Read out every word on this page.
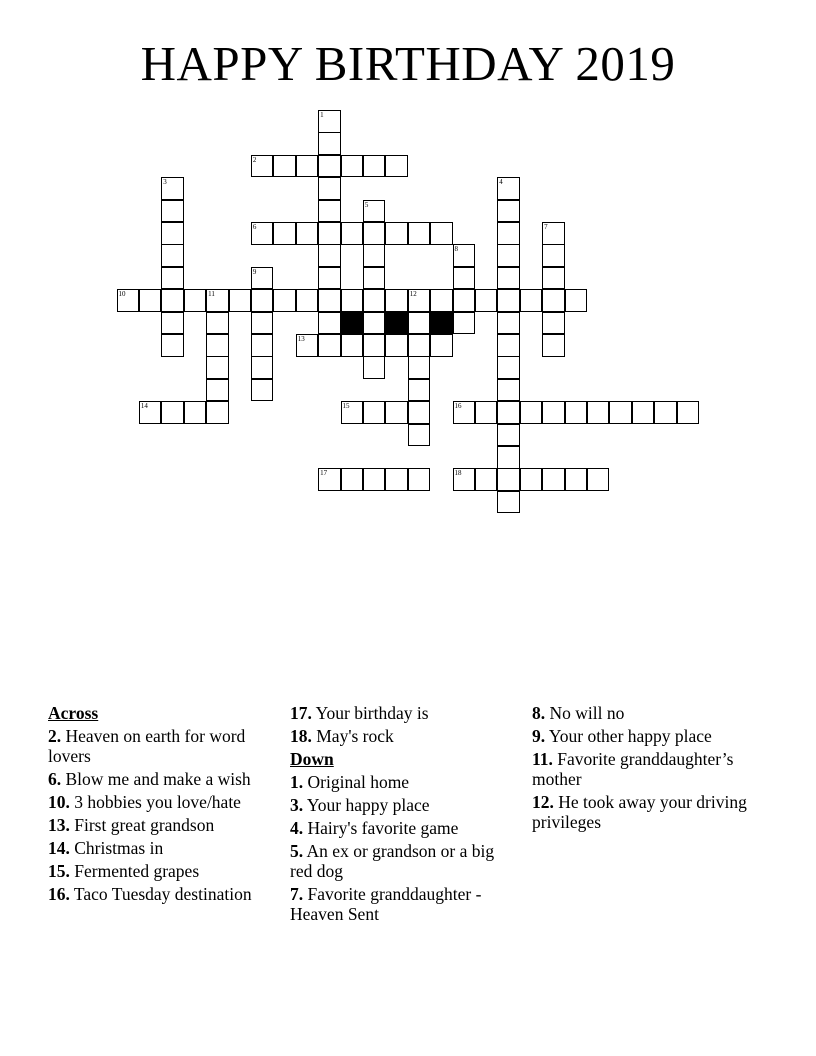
HAPPY BIRTHDAY 2019
2
6
10	11	12
13
14	15	16
17	18
1
3	4
5
7
8
9
Across
2. Heaven on earth for word lovers
6. Blow me and make a wish
10. 3 hobbies you love/hate
13. First great grandson
14. Christmas in
15. Fermented grapes
16. Taco Tuesday destination
17. Your birthday is
18. May's rock
Down
1. Original home
3. Your happy place
4. Hairy's favorite game
5. An ex or grandson or a big red dog
7. Favorite granddaughter - Heaven Sent
8. No will no
9. Your other happy place
11. Favorite granddaughter’s mother
12. He took away your driving privileges
